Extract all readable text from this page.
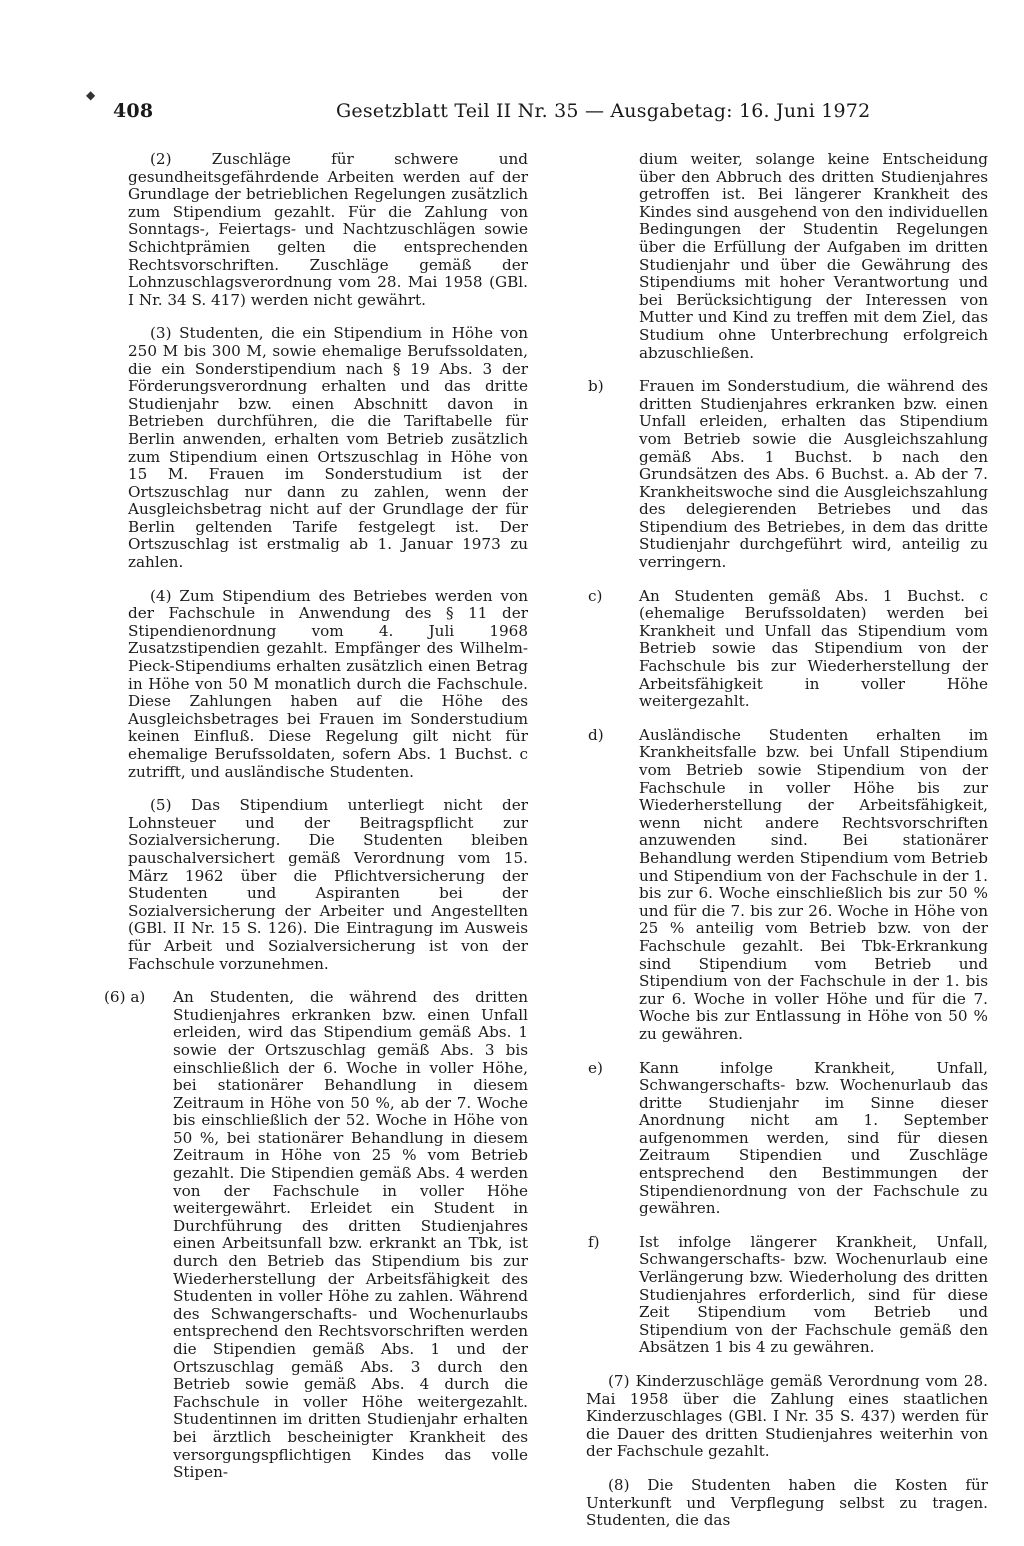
◆
408	Gesetzblatt Teil II Nr. 35 — Ausgabetag: 16. Juni 1972

(2) Zuschläge für schwere und gesundheitsgefährdende Arbeiten werden auf der Grundlage der betrieblichen Regelungen zusätzlich zum Stipendium gezahlt. Für die Zahlung von Sonntags-, Feiertags- und Nachtzuschlägen sowie Schichtprämien gelten die entsprechenden Rechtsvorschriften. Zuschläge gemäß der Lohnzuschlagsverordnung vom 28. Mai 1958 (GBl. I Nr. 34 S. 417) werden nicht gewährt.

(3) Studenten, die ein Stipendium in Höhe von 250 M bis 300 M, sowie ehemalige Berufssoldaten, die ein Sonderstipendium nach § 19 Abs. 3 der Förderungsverordnung erhalten und das dritte Studienjahr bzw. einen Abschnitt davon in Betrieben durchführen, die die Tariftabelle für Berlin anwenden, erhalten vom Betrieb zusätzlich zum Stipendium einen Ortszuschlag in Höhe von 15 M. Frauen im Sonderstudium ist der Ortszuschlag nur dann zu zahlen, wenn der Ausgleichsbetrag nicht auf der Grundlage der für Berlin geltenden Tarife festgelegt ist. Der Ortszuschlag ist erstmalig ab 1. Januar 1973 zu zahlen.

(4) Zum Stipendium des Betriebes werden von der Fachschule in Anwendung des § 11 der Stipendienordnung vom 4. Juli 1968 Zusatzstipendien gezahlt. Empfänger des Wilhelm-Pieck-Stipendiums erhalten zusätzlich einen Betrag in Höhe von 50 M monatlich durch die Fachschule. Diese Zahlungen haben auf die Höhe des Ausgleichsbetrages bei Frauen im Sonderstudium keinen Einfluß. Diese Regelung gilt nicht für ehemalige Berufssoldaten, sofern Abs. 1 Buchst. c zutrifft, und ausländische Studenten.

(5) Das Stipendium unterliegt nicht der Lohnsteuer und der Beitragspflicht zur Sozialversicherung. Die Studenten bleiben pauschalversichert gemäß Verordnung vom 15. März 1962 über die Pflichtversicherung der Studenten und Aspiranten bei der Sozialversicherung der Arbeiter und Angestellten (GBl. II Nr. 15 S. 126). Die Eintragung im Ausweis für Arbeit und Sozialversicherung ist von der Fachschule vorzunehmen.

(6) a) An Studenten, die während des dritten Studienjahres erkranken bzw. einen Unfall erleiden, wird das Stipendium gemäß Abs. 1 sowie der Ortszuschlag gemäß Abs. 3 bis einschließlich der 6. Woche in voller Höhe, bei stationärer Behandlung in diesem Zeitraum in Höhe von 50 %, ab der 7. Woche bis einschließlich der 52. Woche in Höhe von 50 %, bei stationärer Behandlung in diesem Zeitraum in Höhe von 25 % vom Betrieb gezahlt. Die Stipendien gemäß Abs. 4 werden von der Fachschule in voller Höhe weitergewährt. Erleidet ein Student in Durchführung des dritten Studienjahres einen Arbeitsunfall bzw. erkrankt an Tbk, ist durch den Betrieb das Stipendium bis zur Wiederherstellung der Arbeitsfähigkeit des Studenten in voller Höhe zu zahlen. Während des Schwangerschafts- und Wochenurlaubs entsprechend den Rechtsvorschriften werden die Stipendien gemäß Abs. 1 und der Ortszuschlag gemäß Abs. 3 durch den Betrieb sowie gemäß Abs. 4 durch die Fachschule in voller Höhe weitergezahlt. Studentinnen im dritten Studienjahr erhalten bei ärztlich bescheinigter Krankheit des versorgungspflichtigen Kindes das volle Stipen-

dium weiter, solange keine Entscheidung über den Abbruch des dritten Studienjahres getroffen ist. Bei längerer Krankheit des Kindes sind ausgehend von den individuellen Bedingungen der Studentin Regelungen über die Erfüllung der Aufgaben im dritten Studienjahr und über die Gewährung des Stipendiums mit hoher Verantwortung und bei Berücksichtigung der Interessen von Mutter und Kind zu treffen mit dem Ziel, das Studium ohne Unterbrechung erfolgreich abzuschließen.

b) Frauen im Sonderstudium, die während des dritten Studienjahres erkranken bzw. einen Unfall erleiden, erhalten das Stipendium vom Betrieb sowie die Ausgleichszahlung gemäß Abs. 1 Buchst. b nach den Grundsätzen des Abs. 6 Buchst. a. Ab der 7. Krankheitswoche sind die Ausgleichszahlung des delegierenden Betriebes und das Stipendium des Betriebes, in dem das dritte Studienjahr durchgeführt wird, anteilig zu verringern.
c) An Studenten gemäß Abs. 1 Buchst. c (ehemalige Berufssoldaten) werden bei Krankheit und Unfall das Stipendium vom Betrieb sowie das Stipendium von der Fachschule bis zur Wiederherstellung der Arbeitsfähigkeit in voller Höhe weitergezahlt.
d) Ausländische Studenten erhalten im Krankheitsfalle bzw. bei Unfall Stipendium vom Betrieb sowie Stipendium von der Fachschule in voller Höhe bis zur Wiederherstellung der Arbeitsfähigkeit, wenn nicht andere Rechtsvorschriften anzuwenden sind. Bei stationärer Behandlung werden Stipendium vom Betrieb und Stipendium von der Fachschule in der 1. bis zur 6. Woche einschließlich bis zur 50 % und für die 7. bis zur 26. Woche in Höhe von 25 % anteilig vom Betrieb bzw. von der Fachschule gezahlt. Bei Tbk-Erkrankung sind Stipendium vom Betrieb und Stipendium von der Fachschule in der 1. bis zur 6. Woche in voller Höhe und für die 7. Woche bis zur Entlassung in Höhe von 50 % zu gewähren.
e) Kann infolge Krankheit, Unfall, Schwangerschafts- bzw. Wochenurlaub das dritte Studienjahr im Sinne dieser Anordnung nicht am 1. September aufgenommen werden, sind für diesen Zeitraum Stipendien und Zuschläge entsprechend den Bestimmungen der Stipendienordnung von der Fachschule zu gewähren.
f)	Ist infolge längerer Krankheit, Unfall, Schwangerschafts- bzw. Wochenurlaub eine Verlängerung bzw. Wiederholung des dritten Studienjahres erforderlich, sind für diese Zeit Stipendium vom Betrieb und Stipendium von der Fachschule gemäß den Absätzen 1 bis 4 zu gewähren.

(7) Kinderzuschläge gemäß Verordnung vom 28. Mai 1958 über die Zahlung eines staatlichen Kinderzuschlages (GBl. I Nr. 35 S. 437) werden für die Dauer des dritten Studienjahres weiterhin von der Fachschule gezahlt.

(8) Die Studenten haben die Kosten für Unterkunft und Verpflegung selbst zu tragen. Studenten, die das
